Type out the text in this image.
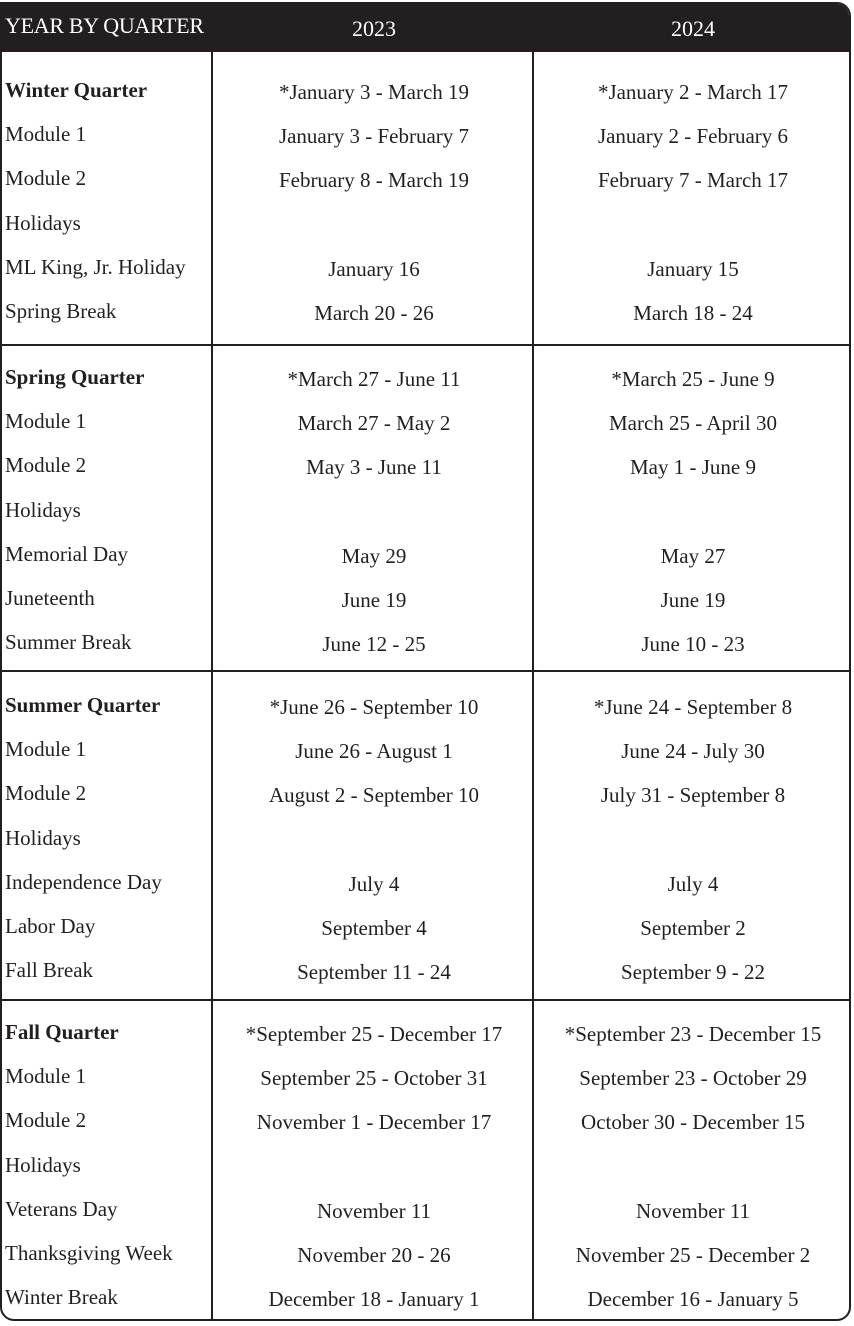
YEAR BY QUARTER	2023	2024
Winter Quarter	*January 3 - March 19	*January 2 - March 17
Module 1	January 3 - February 7	January 2 - February 6
Module 2	February 8 - March 19	February 7 - March 17
Holidays
ML King, Jr. Holiday	January 16	January 15
Spring Break	March 20 - 26	March 18 - 24
Spring Quarter	*March 27 - June 11	*March 25 - June 9
Module 1	March 27 - May 2	March 25 - April 30
Module 2	May 3 - June 11	May 1 - June 9
Holidays
Memorial Day	May 29	May 27
Juneteenth	June 19	June 19
Summer Break	June 12 - 25	June 10 - 23
Summer Quarter	*June 26 - September 10	*June 24 - September 8
Module 1	June 26 - August 1	June 24 - July 30
Module 2	August 2 - September 10	July 31 - September 8
Holidays
Independence Day	July 4	July 4
Labor Day	September 4	September 2
Fall Break	September 11 - 24	September 9 - 22
Fall Quarter	*September 25 - December 17	*September 23 - December 15
Module 1	September 25 - October 31	September 23 - October 29
Module 2	November 1 - December 17	October 30 - December 15
Holidays
Veterans Day	November 11	November 11
Thanksgiving Week	November 20 - 26	November 25 - December 2
Winter Break	December 18 - January 1	December 16 - January 5
